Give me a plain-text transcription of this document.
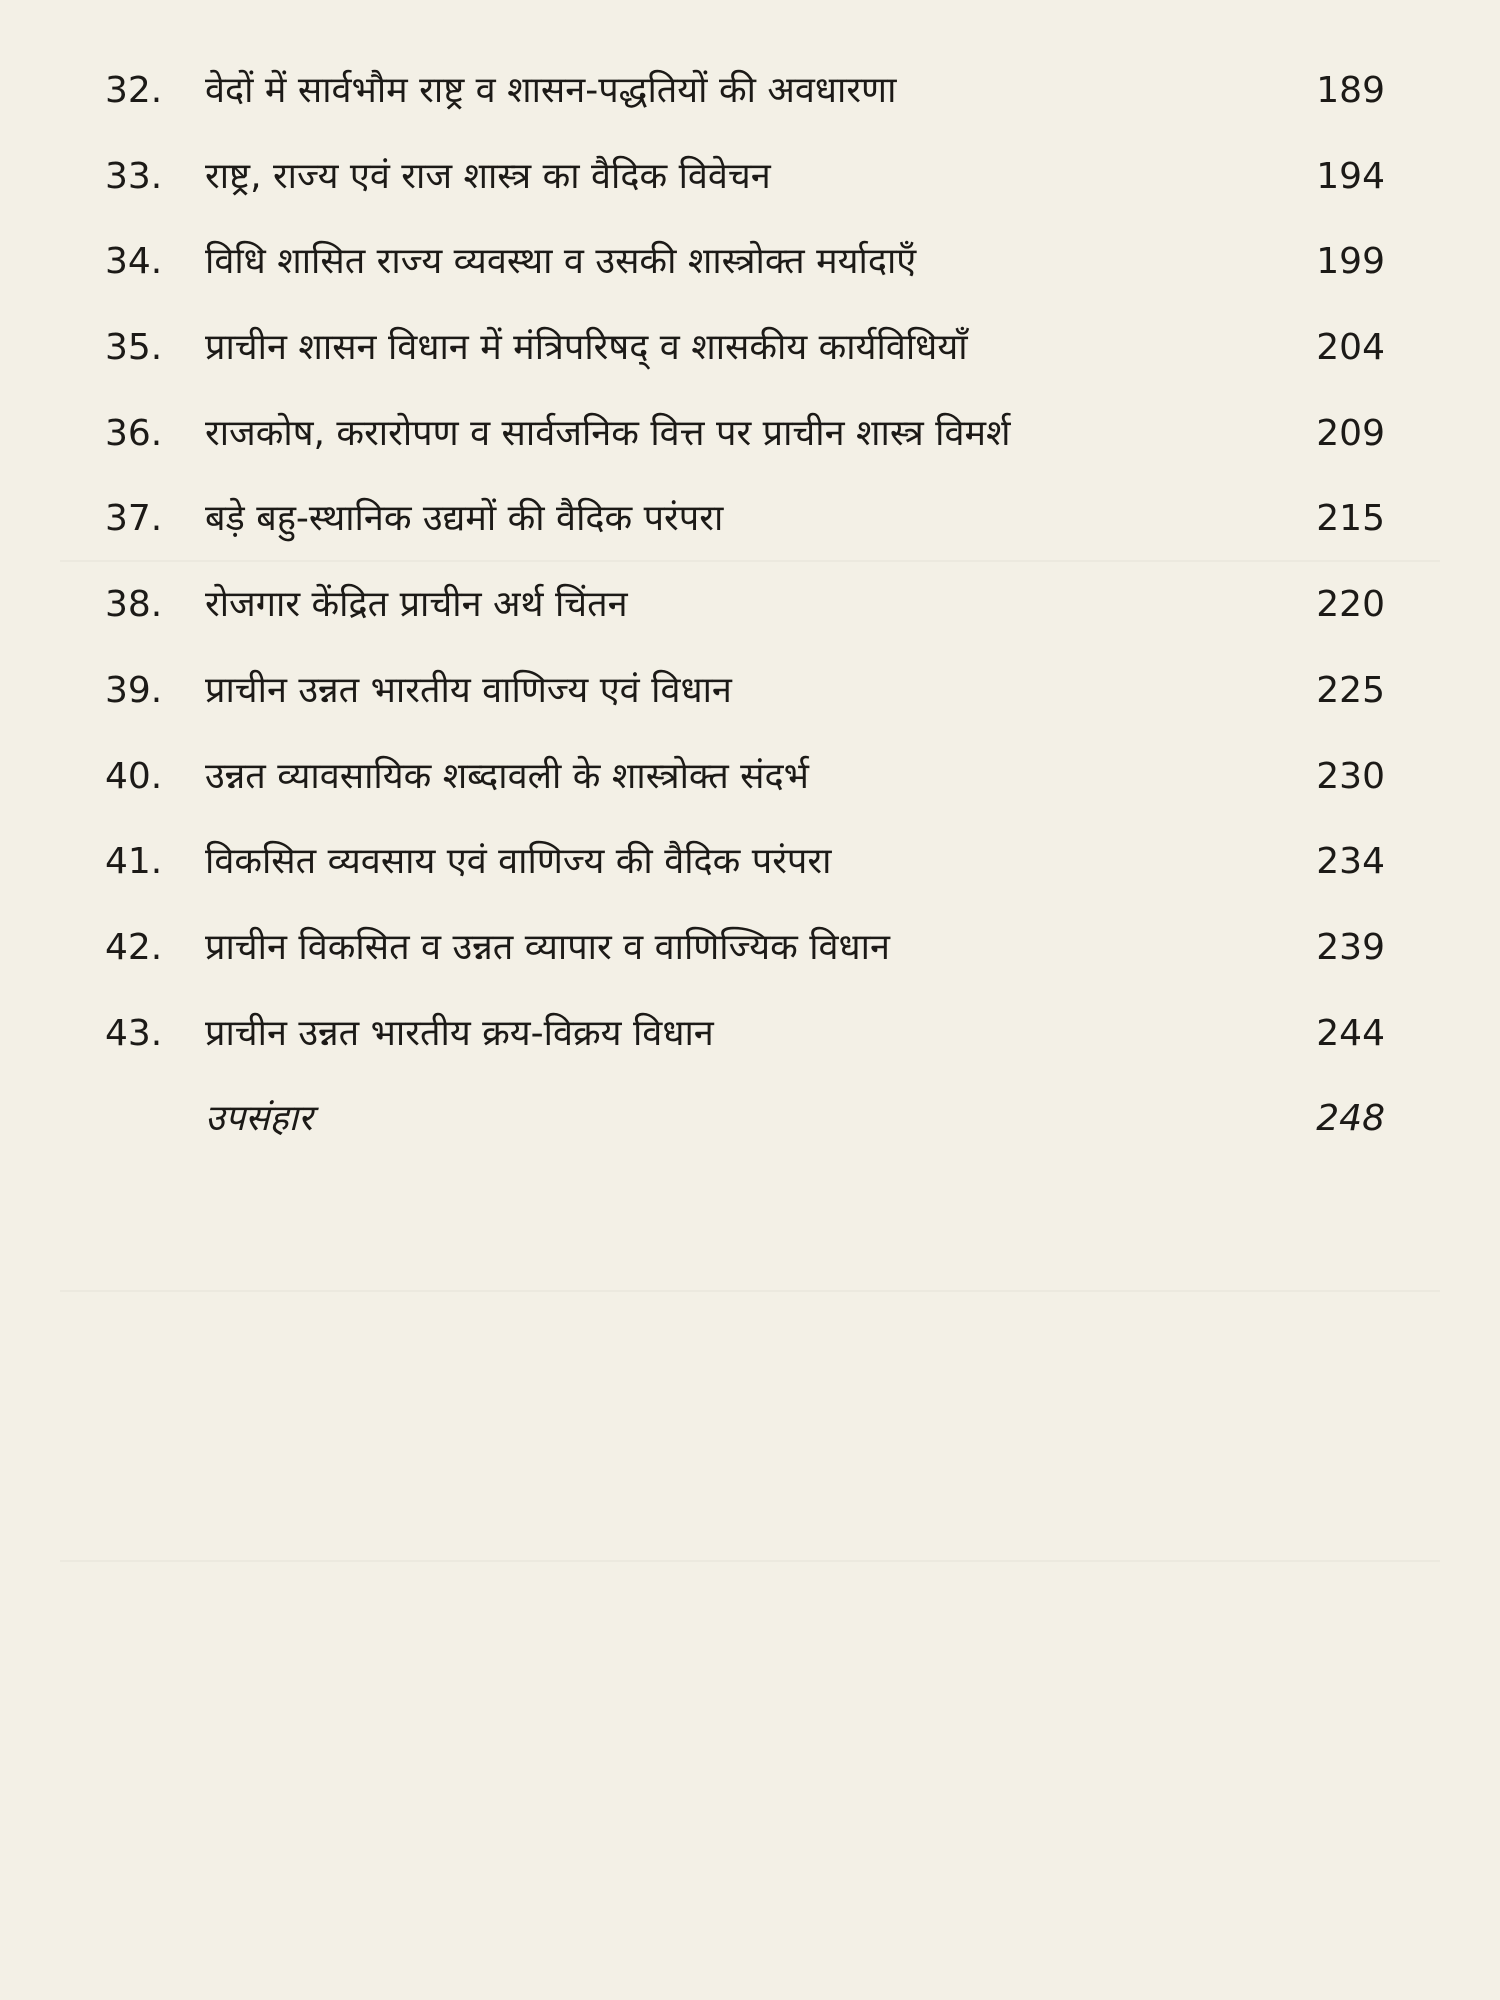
32.	वेदों में सार्वभौम राष्ट्र व शासन-पद्धतियों की अवधारणा	189
33.	राष्ट्र, राज्य एवं राज शास्त्र का वैदिक विवेचन	194
34.	विधि शासित राज्य व्यवस्था व उसकी शास्त्रोक्त मर्यादाएँ	199
35.	प्राचीन शासन विधान में मंत्रिपरिषद् व शासकीय कार्यविधियाँ	204
36.	राजकोष, करारोपण व सार्वजनिक वित्त पर प्राचीन शास्त्र विमर्श	209
37.	बड़े बहु-स्थानिक उद्यमों की वैदिक परंपरा	215
38.	रोजगार केंद्रित प्राचीन अर्थ चिंतन	220
39.	प्राचीन उन्नत भारतीय वाणिज्य एवं विधान	225
40.	उन्नत व्यावसायिक शब्दावली के शास्त्रोक्त संदर्भ	230
41.	विकसित व्यवसाय एवं वाणिज्य की वैदिक परंपरा	234
42.	प्राचीन विकसित व उन्नत व्यापार व वाणिज्यिक विधान	239
43.	प्राचीन उन्नत भारतीय क्रय-विक्रय विधान	244
उपसंहार	248
